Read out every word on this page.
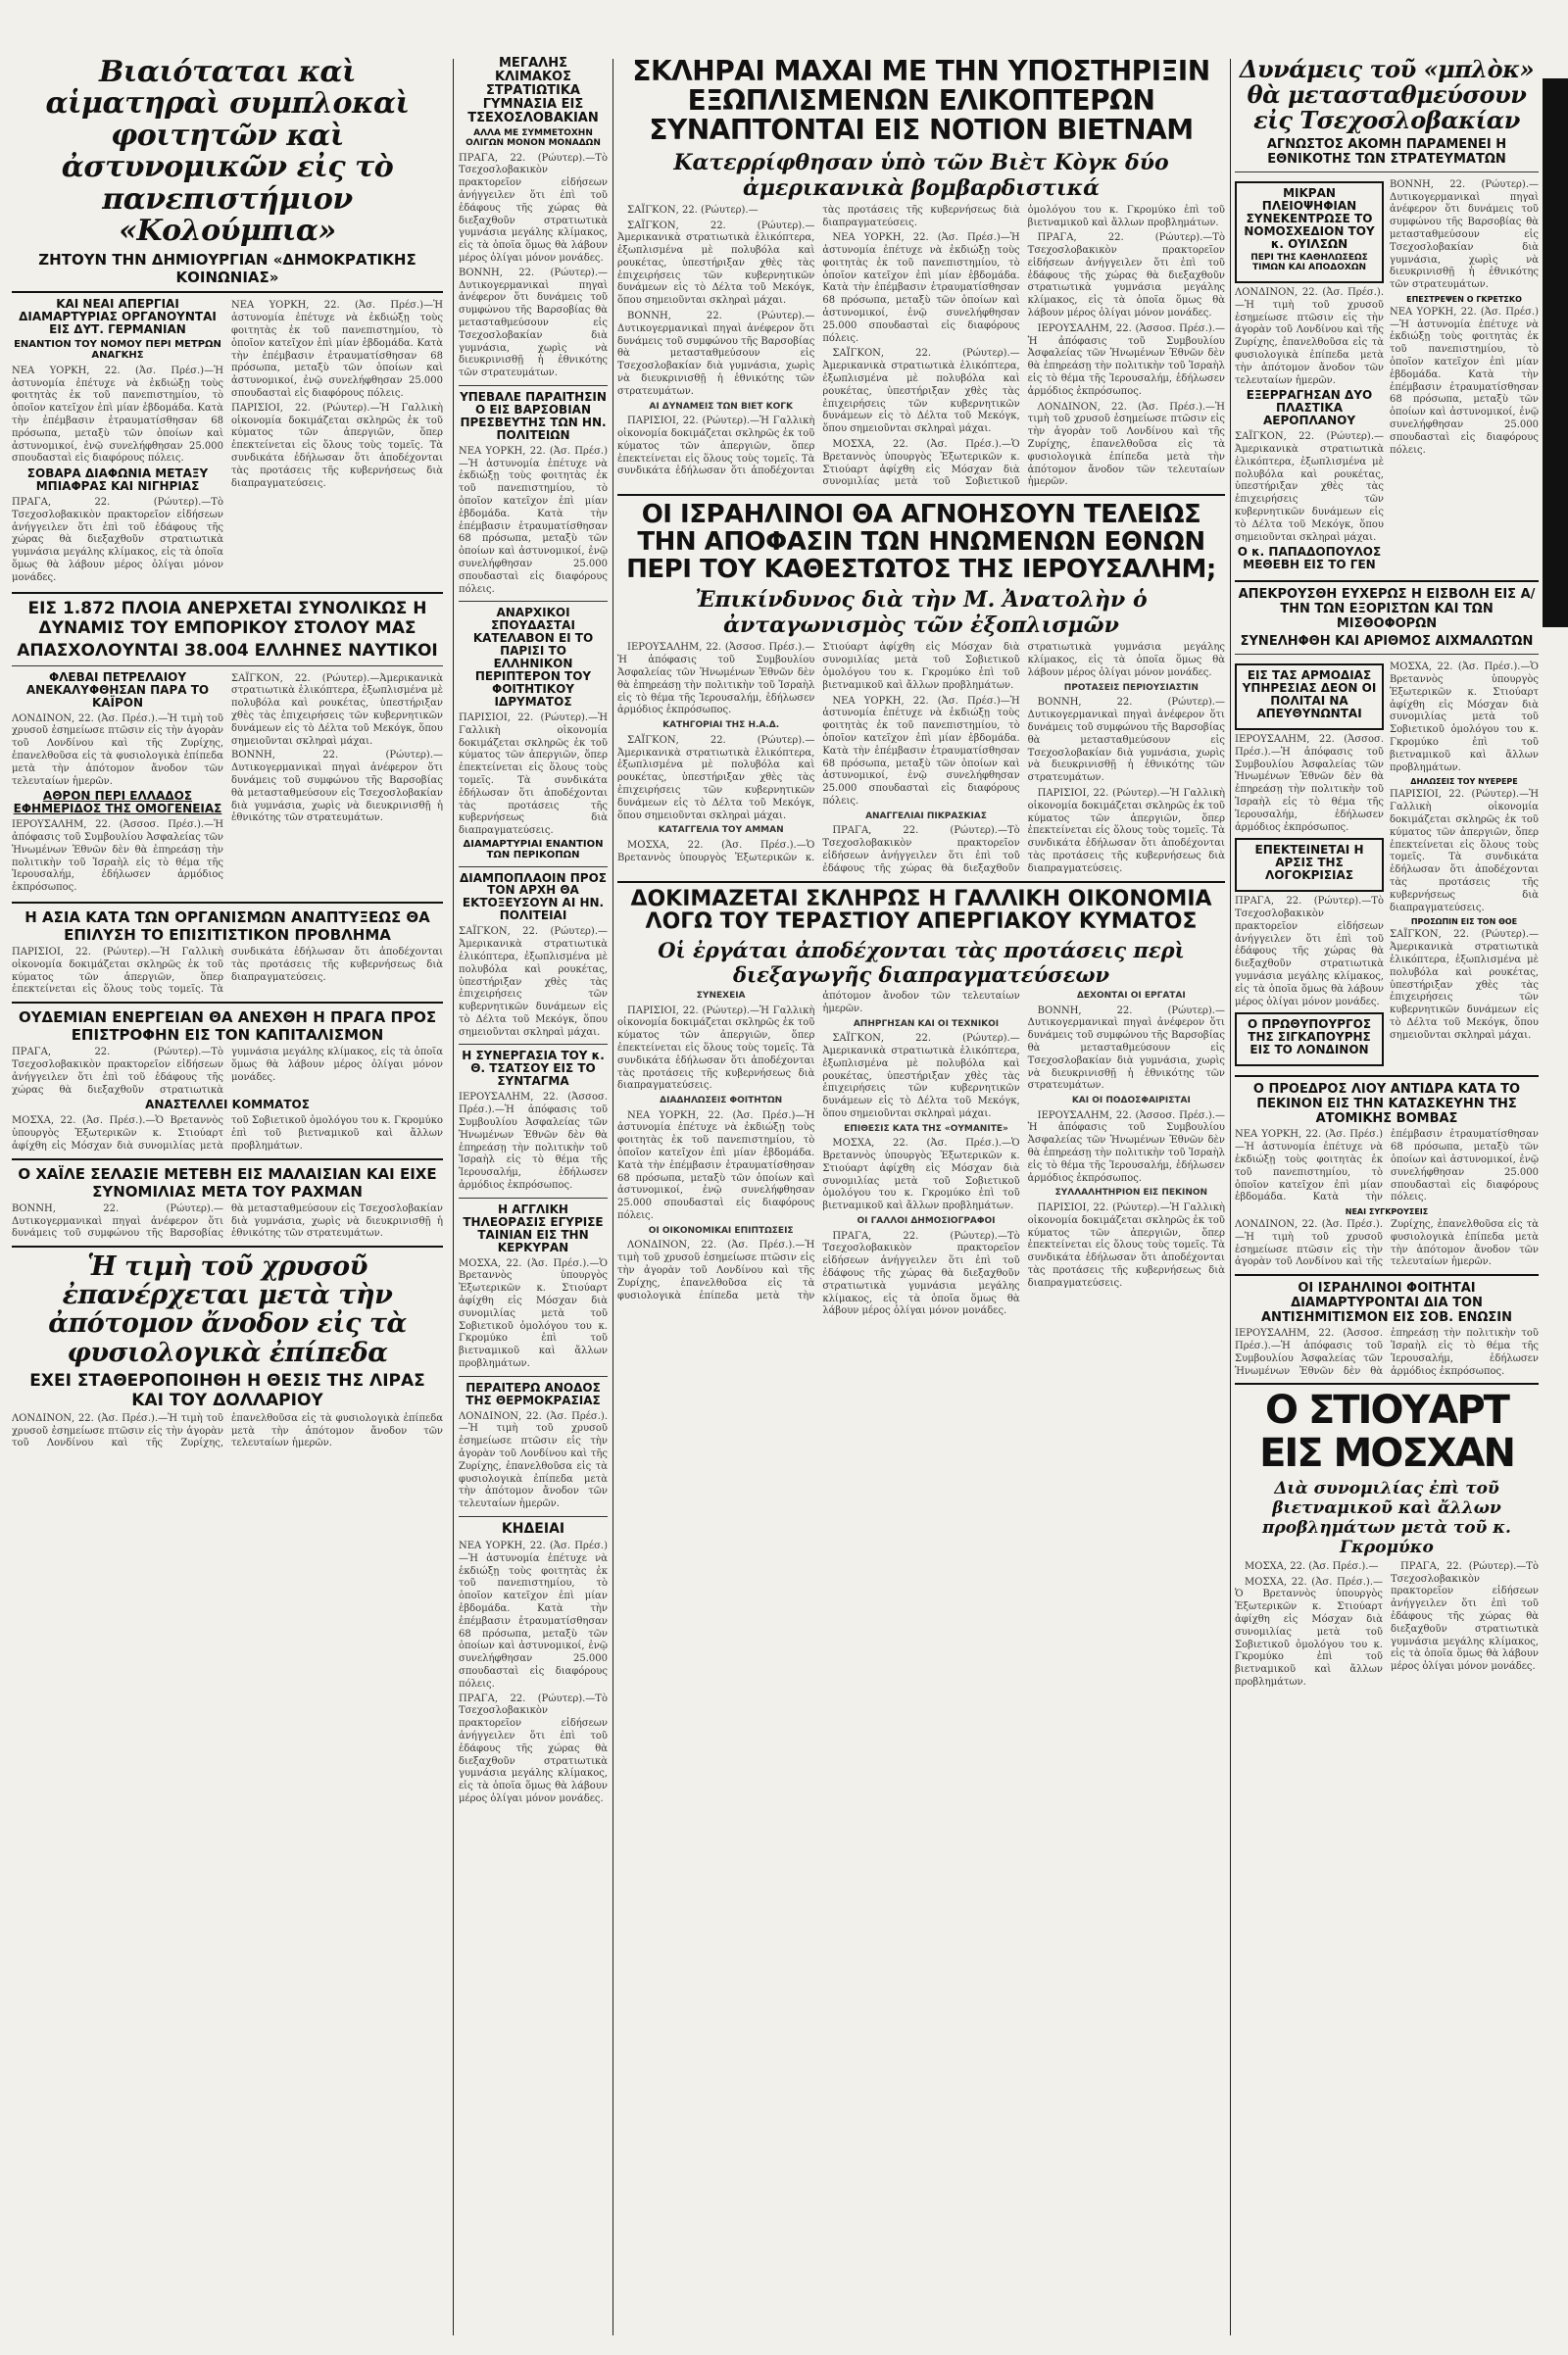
Βιαιόταται καὶ αἱματηραὶ συμπλοκαὶ φοιτητῶν καὶ ἀστυνομικῶν εἰς τὸ πανεπιστήμιον «Κολούμπια»
ΖΗΤΟΥΝ ΤΗΝ ΔΗΜΙΟΥΡΓΙΑΝ «ΔΗΜΟΚΡΑΤΙΚΗΣ ΚΟΙΝΩΝΙΑΣ»
ΚΑΙ ΝΕΑΙ ΑΠΕΡΓΙΑΙ ΔΙΑΜΑΡΤΥΡΙΑΣ ΟΡΓΑΝΟΥΝΤΑΙ ΕΙΣ ΔΥΤ. ΓΕΡΜΑΝΙΑΝ
ΕΝΑΝΤΙΟΝ ΤΟΥ ΝΟΜΟΥ ΠΕΡΙ ΜΕΤΡΩΝ ΑΝΑΓΚΗΣ
ΝΕΑ ΥΟΡΚΗ, 22. (Ἀσ. Πρέσ.)—Ἡ ἀστυνομία ἐπέτυχε νὰ ἐκδιώξῃ τοὺς φοιτητὰς ἐκ τοῦ πανεπιστημίου, τὸ ὁποῖον κατεῖχον ἐπὶ μίαν ἑβδομάδα. Κατὰ τὴν ἐπέμβασιν ἐτραυματίσθησαν 68 πρόσωπα, μεταξὺ τῶν ὁποίων καὶ ἀστυνομικοί, ἐνῷ συνελήφθησαν 25.000 σπουδασταὶ εἰς διαφόρους πόλεις.
ΣΟΒΑΡΑ ΔΙΑΦΩΝΙΑ ΜΕΤΑΞΥ ΜΠΙΑΦΡΑΣ ΚΑΙ ΝΙΓΗΡΙΑΣ
ΠΡΑΓΑ, 22. (Ρώυτερ).—Τὸ Τσεχοσλοβακικὸν πρακτορεῖον εἰδήσεων ἀνήγγειλεν ὅτι ἐπὶ τοῦ ἐδάφους τῆς χώρας θὰ διεξαχθοῦν στρατιωτικὰ γυμνάσια μεγάλης κλίμακος, εἰς τὰ ὁποῖα ὅμως θὰ λάβουν μέρος ὀλίγαι μόνον μονάδες.
ΝΕΑ ΥΟΡΚΗ, 22. (Ἀσ. Πρέσ.)—Ἡ ἀστυνομία ἐπέτυχε νὰ ἐκδιώξῃ τοὺς φοιτητὰς ἐκ τοῦ πανεπιστημίου, τὸ ὁποῖον κατεῖχον ἐπὶ μίαν ἑβδομάδα. Κατὰ τὴν ἐπέμβασιν ἐτραυματίσθησαν 68 πρόσωπα, μεταξὺ τῶν ὁποίων καὶ ἀστυνομικοί, ἐνῷ συνελήφθησαν 25.000 σπουδασταὶ εἰς διαφόρους πόλεις.
ΠΑΡΙΣΙΟΙ, 22. (Ρώυτερ).—Ἡ Γαλλικὴ οἰκονομία δοκιμάζεται σκληρῶς ἐκ τοῦ κύματος τῶν ἀπεργιῶν, ὅπερ ἐπεκτείνεται εἰς ὅλους τοὺς τομεῖς. Τὰ συνδικάτα ἐδήλωσαν ὅτι ἀποδέχονται τὰς προτάσεις τῆς κυβερνήσεως διὰ διαπραγματεύσεις.
ΕΙΣ 1.872 ΠΛΟΙΑ ΑΝΕΡΧΕΤΑΙ ΣΥΝΟΛΙΚΩΣ Η ΔΥΝΑΜΙΣ ΤΟΥ ΕΜΠΟΡΙΚΟΥ ΣΤΟΛΟΥ ΜΑΣ
ΑΠΑΣΧΟΛΟΥΝΤΑΙ 38.004 ΕΛΛΗΝΕΣ ΝΑΥΤΙΚΟΙ
ΦΛΕΒΑΙ ΠΕΤΡΕΛΑΙΟΥ ΑΝΕΚΑΛΥΦΘΗΣΑΝ ΠΑΡΑ ΤΟ ΚΑΪΡΟΝ
ΛΟΝΔΙΝΟΝ, 22. (Ἀσ. Πρέσ.).—Ἡ τιμὴ τοῦ χρυσοῦ ἐσημείωσε πτῶσιν εἰς τὴν ἀγορὰν τοῦ Λονδίνου καὶ τῆς Ζυρίχης, ἐπανελθοῦσα εἰς τὰ φυσιολογικὰ ἐπίπεδα μετὰ τὴν ἀπότομον ἄνοδον τῶν τελευταίων ἡμερῶν.
ΑΘΡΟΝ ΠΕΡΙ ΕΛΛΑΔΟΣ ΕΦΗΜΕΡΙΔΟΣ ΤΗΣ ΟΜΟΓΕΝΕΙΑΣ
ΙΕΡΟΥΣΑΛΗΜ, 22. (Ἀσσοσ. Πρέσ.).—Ἡ ἀπόφασις τοῦ Συμβουλίου Ἀσφαλείας τῶν Ἡνωμένων Ἐθνῶν δὲν θὰ ἐπηρεάσῃ τὴν πολιτικὴν τοῦ Ἰσραὴλ εἰς τὸ θέμα τῆς Ἰερουσαλήμ, ἐδήλωσεν ἀρμόδιος ἐκπρόσωπος.
ΣΑΪΓΚΟΝ, 22. (Ρώυτερ).—Ἀμερικανικὰ στρατιωτικὰ ἑλικόπτερα, ἐξωπλισμένα μὲ πολυβόλα καὶ ρουκέτας, ὑπεστήριξαν χθὲς τὰς ἐπιχειρήσεις τῶν κυβερνητικῶν δυνάμεων εἰς τὸ Δέλτα τοῦ Μεκόγκ, ὅπου σημειοῦνται σκληραὶ μάχαι.
ΒΟΝΝΗ, 22. (Ρώυτερ).—Δυτικογερμανικαὶ πηγαὶ ἀνέφερον ὅτι δυνάμεις τοῦ συμφώνου τῆς Βαρσοβίας θὰ μετασταθμεύσουν εἰς Τσεχοσλοβακίαν διὰ γυμνάσια, χωρὶς νὰ διευκρινισθῇ ἡ ἐθνικότης τῶν στρατευμάτων.
Η ΑΣΙΑ ΚΑΤΑ ΤΩΝ ΟΡΓΑΝΙΣΜΩΝ ΑΝΑΠΤΥΞΕΩΣ ΘΑ ΕΠΙΛΥΣΗ ΤΟ ΕΠΙΣΙΤΙΣΤΙΚΟΝ ΠΡΟΒΛΗΜΑ
ΠΑΡΙΣΙΟΙ, 22. (Ρώυτερ).—Ἡ Γαλλικὴ οἰκονομία δοκιμάζεται σκληρῶς ἐκ τοῦ κύματος τῶν ἀπεργιῶν, ὅπερ ἐπεκτείνεται εἰς ὅλους τοὺς τομεῖς. Τὰ συνδικάτα ἐδήλωσαν ὅτι ἀποδέχονται τὰς προτάσεις τῆς κυβερνήσεως διὰ διαπραγματεύσεις.
ΟΥΔΕΜΙΑΝ ΕΝΕΡΓΕΙΑΝ ΘΑ ΑΝΕΧΘΗ Η ΠΡΑΓΑ ΠΡΟΣ ΕΠΙΣΤΡΟΦΗΝ ΕΙΣ ΤΟΝ ΚΑΠΙΤΑΛΙΣΜΟΝ
ΠΡΑΓΑ, 22. (Ρώυτερ).—Τὸ Τσεχοσλοβακικὸν πρακτορεῖον εἰδήσεων ἀνήγγειλεν ὅτι ἐπὶ τοῦ ἐδάφους τῆς χώρας θὰ διεξαχθοῦν στρατιωτικὰ γυμνάσια μεγάλης κλίμακος, εἰς τὰ ὁποῖα ὅμως θὰ λάβουν μέρος ὀλίγαι μόνον μονάδες.
ΑΝΑΣΤΕΛΛΕΙ ΚΟΜΜΑΤΟΣ
ΜΟΣΧΑ, 22. (Ἀσ. Πρέσ.).—Ὁ Βρεταννὸς ὑπουργὸς Ἐξωτερικῶν κ. Στιούαρτ ἀφίχθη εἰς Μόσχαν διὰ συνομιλίας μετὰ τοῦ Σοβιετικοῦ ὁμολόγου του κ. Γκρομύκο ἐπὶ τοῦ βιετναμικοῦ καὶ ἄλλων προβλημάτων.
Ο ΧΑΪΛΕ ΣΕΛΑΣΙΕ ΜΕΤΕΒΗ ΕΙΣ ΜΑΛΑΙΣΙΑΝ ΚΑΙ ΕΙΧΕ ΣΥΝΟΜΙΛΙΑΣ ΜΕΤΑ ΤΟΥ ΡΑΧΜΑΝ
ΒΟΝΝΗ, 22. (Ρώυτερ).—Δυτικογερμανικαὶ πηγαὶ ἀνέφερον ὅτι δυνάμεις τοῦ συμφώνου τῆς Βαρσοβίας θὰ μετασταθμεύσουν εἰς Τσεχοσλοβακίαν διὰ γυμνάσια, χωρὶς νὰ διευκρινισθῇ ἡ ἐθνικότης τῶν στρατευμάτων.
Ἡ τιμὴ τοῦ χρυσοῦ ἐπανέρχεται μετὰ τὴν ἀπότομον ἄνοδον εἰς τὰ φυσιολογικὰ ἐπίπεδα
ΕΧΕΙ ΣΤΑΘΕΡΟΠΟΙΗΘΗ Η ΘΕΣΙΣ ΤΗΣ ΛΙΡΑΣ ΚΑΙ ΤΟΥ ΔΟΛΛΑΡΙΟΥ
ΛΟΝΔΙΝΟΝ, 22. (Ἀσ. Πρέσ.).—Ἡ τιμὴ τοῦ χρυσοῦ ἐσημείωσε πτῶσιν εἰς τὴν ἀγορὰν τοῦ Λονδίνου καὶ τῆς Ζυρίχης, ἐπανελθοῦσα εἰς τὰ φυσιολογικὰ ἐπίπεδα μετὰ τὴν ἀπότομον ἄνοδον τῶν τελευταίων ἡμερῶν.
ΜΕΓΑΛΗΣ ΚΛΙΜΑΚΟΣ ΣΤΡΑΤΙΩΤΙΚΑ ΓΥΜΝΑΣΙΑ ΕΙΣ ΤΣΕΧΟΣΛΟΒΑΚΙΑΝ
ΑΛΛΑ ΜΕ ΣΥΜΜΕΤΟΧΗΝ ΟΛΙΓΩΝ ΜΟΝΟΝ ΜΟΝΑΔΩΝ
ΠΡΑΓΑ, 22. (Ρώυτερ).—Τὸ Τσεχοσλοβακικὸν πρακτορεῖον εἰδήσεων ἀνήγγειλεν ὅτι ἐπὶ τοῦ ἐδάφους τῆς χώρας θὰ διεξαχθοῦν στρατιωτικὰ γυμνάσια μεγάλης κλίμακος, εἰς τὰ ὁποῖα ὅμως θὰ λάβουν μέρος ὀλίγαι μόνον μονάδες.
ΒΟΝΝΗ, 22. (Ρώυτερ).—Δυτικογερμανικαὶ πηγαὶ ἀνέφερον ὅτι δυνάμεις τοῦ συμφώνου τῆς Βαρσοβίας θὰ μετασταθμεύσουν εἰς Τσεχοσλοβακίαν διὰ γυμνάσια, χωρὶς νὰ διευκρινισθῇ ἡ ἐθνικότης τῶν στρατευμάτων.
ΥΠΕΒΑΛΕ ΠΑΡΑΙΤΗΣΙΝ Ο ΕΙΣ ΒΑΡΣΟΒΙΑΝ ΠΡΕΣΒΕΥΤΗΣ ΤΩΝ ΗΝ. ΠΟΛΙΤΕΙΩΝ
ΝΕΑ ΥΟΡΚΗ, 22. (Ἀσ. Πρέσ.)—Ἡ ἀστυνομία ἐπέτυχε νὰ ἐκδιώξῃ τοὺς φοιτητὰς ἐκ τοῦ πανεπιστημίου, τὸ ὁποῖον κατεῖχον ἐπὶ μίαν ἑβδομάδα. Κατὰ τὴν ἐπέμβασιν ἐτραυματίσθησαν 68 πρόσωπα, μεταξὺ τῶν ὁποίων καὶ ἀστυνομικοί, ἐνῷ συνελήφθησαν 25.000 σπουδασταὶ εἰς διαφόρους πόλεις.
ΑΝΑΡΧΙΚΟΙ ΣΠΟΥΔΑΣΤΑΙ ΚΑΤΕΛΑΒΟΝ ΕΙ ΤΟ ΠΑΡΙΣΙ ΤΟ ΕΛΛΗΝΙΚΟΝ ΠΕΡΙΠΤΕΡΟΝ ΤΟΥ ΦΟΙΤΗΤΙΚΟΥ ΙΔΡΥΜΑΤΟΣ
ΠΑΡΙΣΙΟΙ, 22. (Ρώυτερ).—Ἡ Γαλλικὴ οἰκονομία δοκιμάζεται σκληρῶς ἐκ τοῦ κύματος τῶν ἀπεργιῶν, ὅπερ ἐπεκτείνεται εἰς ὅλους τοὺς τομεῖς. Τὰ συνδικάτα ἐδήλωσαν ὅτι ἀποδέχονται τὰς προτάσεις τῆς κυβερνήσεως διὰ διαπραγματεύσεις.
ΔΙΑΜΑΡΤΥΡΙΑΙ ΕΝΑΝΤΙΟΝ ΤΩΝ ΠΕΡΙΚΟΠΩΝ
ΔΙΑΜΠΟΠΛΑΟΙΝ ΠΡΟΣ ΤΟΝ ΑΡΧΗ ΘΑ ΕΚΤΟΞΕΥΣΟΥΝ ΑΙ ΗΝ. ΠΟΛΙΤΕΙΑΙ
ΣΑΪΓΚΟΝ, 22. (Ρώυτερ).—Ἀμερικανικὰ στρατιωτικὰ ἑλικόπτερα, ἐξωπλισμένα μὲ πολυβόλα καὶ ρουκέτας, ὑπεστήριξαν χθὲς τὰς ἐπιχειρήσεις τῶν κυβερνητικῶν δυνάμεων εἰς τὸ Δέλτα τοῦ Μεκόγκ, ὅπου σημειοῦνται σκληραὶ μάχαι.
Η ΣΥΝΕΡΓΑΣΙΑ ΤΟΥ κ. Θ. ΤΣΑΤΣΟΥ ΕΙΣ ΤΟ ΣΥΝΤΑΓΜΑ
ΙΕΡΟΥΣΑΛΗΜ, 22. (Ἀσσοσ. Πρέσ.).—Ἡ ἀπόφασις τοῦ Συμβουλίου Ἀσφαλείας τῶν Ἡνωμένων Ἐθνῶν δὲν θὰ ἐπηρεάσῃ τὴν πολιτικὴν τοῦ Ἰσραὴλ εἰς τὸ θέμα τῆς Ἰερουσαλήμ, ἐδήλωσεν ἀρμόδιος ἐκπρόσωπος.
Η ΑΓΓΛΙΚΗ ΤΗΛΕΟΡΑΣΙΣ ΕΓΥΡΙΣΕ ΤΑΙΝΙΑΝ ΕΙΣ ΤΗΝ ΚΕΡΚΥΡΑΝ
ΜΟΣΧΑ, 22. (Ἀσ. Πρέσ.).—Ὁ Βρεταννὸς ὑπουργὸς Ἐξωτερικῶν κ. Στιούαρτ ἀφίχθη εἰς Μόσχαν διὰ συνομιλίας μετὰ τοῦ Σοβιετικοῦ ὁμολόγου του κ. Γκρομύκο ἐπὶ τοῦ βιετναμικοῦ καὶ ἄλλων προβλημάτων.
ΠΕΡΑΙΤΕΡΩ ΑΝΟΔΟΣ ΤΗΣ ΘΕΡΜΟΚΡΑΣΙΑΣ
ΛΟΝΔΙΝΟΝ, 22. (Ἀσ. Πρέσ.).—Ἡ τιμὴ τοῦ χρυσοῦ ἐσημείωσε πτῶσιν εἰς τὴν ἀγορὰν τοῦ Λονδίνου καὶ τῆς Ζυρίχης, ἐπανελθοῦσα εἰς τὰ φυσιολογικὰ ἐπίπεδα μετὰ τὴν ἀπότομον ἄνοδον τῶν τελευταίων ἡμερῶν.
ΚΗΔΕΙΑΙ
ΝΕΑ ΥΟΡΚΗ, 22. (Ἀσ. Πρέσ.)—Ἡ ἀστυνομία ἐπέτυχε νὰ ἐκδιώξῃ τοὺς φοιτητὰς ἐκ τοῦ πανεπιστημίου, τὸ ὁποῖον κατεῖχον ἐπὶ μίαν ἑβδομάδα. Κατὰ τὴν ἐπέμβασιν ἐτραυματίσθησαν 68 πρόσωπα, μεταξὺ τῶν ὁποίων καὶ ἀστυνομικοί, ἐνῷ συνελήφθησαν 25.000 σπουδασταὶ εἰς διαφόρους πόλεις.
ΠΡΑΓΑ, 22. (Ρώυτερ).—Τὸ Τσεχοσλοβακικὸν πρακτορεῖον εἰδήσεων ἀνήγγειλεν ὅτι ἐπὶ τοῦ ἐδάφους τῆς χώρας θὰ διεξαχθοῦν στρατιωτικὰ γυμνάσια μεγάλης κλίμακος, εἰς τὰ ὁποῖα ὅμως θὰ λάβουν μέρος ὀλίγαι μόνον μονάδες.
ΣΚΛΗΡΑΙ ΜΑΧΑΙ ΜΕ ΤΗΝ ΥΠΟΣΤΗΡΙΞΙΝ ΕΞΩΠΛΙΣΜΕΝΩΝ ΕΛΙΚΟΠΤΕΡΩΝ ΣΥΝΑΠΤΟΝΤΑΙ ΕΙΣ ΝΟΤΙΟΝ ΒΙΕΤΝΑΜ
Κατερρίφθησαν ὑπὸ τῶν Βιὲτ Κὸγκ δύο ἀμερικανικὰ βομβαρδιστικά

ΣΑΪΓΚΟΝ, 22. (Ρώυτερ).—

ΣΑΪΓΚΟΝ, 22. (Ρώυτερ).—Ἀμερικανικὰ στρατιωτικὰ ἑλικόπτερα, ἐξωπλισμένα μὲ πολυβόλα καὶ ρουκέτας, ὑπεστήριξαν χθὲς τὰς ἐπιχειρήσεις τῶν κυβερνητικῶν δυνάμεων εἰς τὸ Δέλτα τοῦ Μεκόγκ, ὅπου σημειοῦνται σκληραὶ μάχαι.

ΒΟΝΝΗ, 22. (Ρώυτερ).—Δυτικογερμανικαὶ πηγαὶ ἀνέφερον ὅτι δυνάμεις τοῦ συμφώνου τῆς Βαρσοβίας θὰ μετασταθμεύσουν εἰς Τσεχοσλοβακίαν διὰ γυμνάσια, χωρὶς νὰ διευκρινισθῇ ἡ ἐθνικότης τῶν στρατευμάτων.

ΑΙ ΔΥΝΑΜΕΙΣ ΤΩΝ ΒΙΕΤ ΚΟΓΚ

ΠΑΡΙΣΙΟΙ, 22. (Ρώυτερ).—Ἡ Γαλλικὴ οἰκονομία δοκιμάζεται σκληρῶς ἐκ τοῦ κύματος τῶν ἀπεργιῶν, ὅπερ ἐπεκτείνεται εἰς ὅλους τοὺς τομεῖς. Τὰ συνδικάτα ἐδήλωσαν ὅτι ἀποδέχονται τὰς προτάσεις τῆς κυβερνήσεως διὰ διαπραγματεύσεις.

ΝΕΑ ΥΟΡΚΗ, 22. (Ἀσ. Πρέσ.)—Ἡ ἀστυνομία ἐπέτυχε νὰ ἐκδιώξῃ τοὺς φοιτητὰς ἐκ τοῦ πανεπιστημίου, τὸ ὁποῖον κατεῖχον ἐπὶ μίαν ἑβδομάδα. Κατὰ τὴν ἐπέμβασιν ἐτραυματίσθησαν 68 πρόσωπα, μεταξὺ τῶν ὁποίων καὶ ἀστυνομικοί, ἐνῷ συνελήφθησαν 25.000 σπουδασταὶ εἰς διαφόρους πόλεις.

ΣΑΪΓΚΟΝ, 22. (Ρώυτερ).—Ἀμερικανικὰ στρατιωτικὰ ἑλικόπτερα, ἐξωπλισμένα μὲ πολυβόλα καὶ ρουκέτας, ὑπεστήριξαν χθὲς τὰς ἐπιχειρήσεις τῶν κυβερνητικῶν δυνάμεων εἰς τὸ Δέλτα τοῦ Μεκόγκ, ὅπου σημειοῦνται σκληραὶ μάχαι.

ΜΟΣΧΑ, 22. (Ἀσ. Πρέσ.).—Ὁ Βρεταννὸς ὑπουργὸς Ἐξωτερικῶν κ. Στιούαρτ ἀφίχθη εἰς Μόσχαν διὰ συνομιλίας μετὰ τοῦ Σοβιετικοῦ ὁμολόγου του κ. Γκρομύκο ἐπὶ τοῦ βιετναμικοῦ καὶ ἄλλων προβλημάτων.

ΠΡΑΓΑ, 22. (Ρώυτερ).—Τὸ Τσεχοσλοβακικὸν πρακτορεῖον εἰδήσεων ἀνήγγειλεν ὅτι ἐπὶ τοῦ ἐδάφους τῆς χώρας θὰ διεξαχθοῦν στρατιωτικὰ γυμνάσια μεγάλης κλίμακος, εἰς τὰ ὁποῖα ὅμως θὰ λάβουν μέρος ὀλίγαι μόνον μονάδες.

ΙΕΡΟΥΣΑΛΗΜ, 22. (Ἀσσοσ. Πρέσ.).—Ἡ ἀπόφασις τοῦ Συμβουλίου Ἀσφαλείας τῶν Ἡνωμένων Ἐθνῶν δὲν θὰ ἐπηρεάσῃ τὴν πολιτικὴν τοῦ Ἰσραὴλ εἰς τὸ θέμα τῆς Ἰερουσαλήμ, ἐδήλωσεν ἀρμόδιος ἐκπρόσωπος.

ΛΟΝΔΙΝΟΝ, 22. (Ἀσ. Πρέσ.).—Ἡ τιμὴ τοῦ χρυσοῦ ἐσημείωσε πτῶσιν εἰς τὴν ἀγορὰν τοῦ Λονδίνου καὶ τῆς Ζυρίχης, ἐπανελθοῦσα εἰς τὰ φυσιολογικὰ ἐπίπεδα μετὰ τὴν ἀπότομον ἄνοδον τῶν τελευταίων ἡμερῶν.

ΟΙ ΙΣΡΑΗΛΙΝΟΙ ΘΑ ΑΓΝΟΗΣΟΥΝ ΤΕΛΕΙΩΣ ΤΗΝ ΑΠΟΦΑΣΙΝ ΤΩΝ ΗΝΩΜΕΝΩΝ ΕΘΝΩΝ ΠΕΡΙ ΤΟΥ ΚΑΘΕΣΤΩΤΟΣ ΤΗΣ ΙΕΡΟΥΣΑΛΗΜ;
Ἐπικίνδυνος διὰ τὴν Μ. Ἀνατολὴν ὁ ἀνταγωνισμὸς τῶν ἐξοπλισμῶν

ΙΕΡΟΥΣΑΛΗΜ, 22. (Ἀσσοσ. Πρέσ.).—Ἡ ἀπόφασις τοῦ Συμβουλίου Ἀσφαλείας τῶν Ἡνωμένων Ἐθνῶν δὲν θὰ ἐπηρεάσῃ τὴν πολιτικὴν τοῦ Ἰσραὴλ εἰς τὸ θέμα τῆς Ἰερουσαλήμ, ἐδήλωσεν ἀρμόδιος ἐκπρόσωπος.

ΚΑΤΗΓΟΡΙΑΙ ΤΗΣ Η.Α.Δ.

ΣΑΪΓΚΟΝ, 22. (Ρώυτερ).—Ἀμερικανικὰ στρατιωτικὰ ἑλικόπτερα, ἐξωπλισμένα μὲ πολυβόλα καὶ ρουκέτας, ὑπεστήριξαν χθὲς τὰς ἐπιχειρήσεις τῶν κυβερνητικῶν δυνάμεων εἰς τὸ Δέλτα τοῦ Μεκόγκ, ὅπου σημειοῦνται σκληραὶ μάχαι.

ΚΑΤΑΓΓΕΛΙΑ ΤΟΥ ΑΜΜΑΝ

ΜΟΣΧΑ, 22. (Ἀσ. Πρέσ.).—Ὁ Βρεταννὸς ὑπουργὸς Ἐξωτερικῶν κ. Στιούαρτ ἀφίχθη εἰς Μόσχαν διὰ συνομιλίας μετὰ τοῦ Σοβιετικοῦ ὁμολόγου του κ. Γκρομύκο ἐπὶ τοῦ βιετναμικοῦ καὶ ἄλλων προβλημάτων.

ΝΕΑ ΥΟΡΚΗ, 22. (Ἀσ. Πρέσ.)—Ἡ ἀστυνομία ἐπέτυχε νὰ ἐκδιώξῃ τοὺς φοιτητὰς ἐκ τοῦ πανεπιστημίου, τὸ ὁποῖον κατεῖχον ἐπὶ μίαν ἑβδομάδα. Κατὰ τὴν ἐπέμβασιν ἐτραυματίσθησαν 68 πρόσωπα, μεταξὺ τῶν ὁποίων καὶ ἀστυνομικοί, ἐνῷ συνελήφθησαν 25.000 σπουδασταὶ εἰς διαφόρους πόλεις.

ΑΝΑΓΓΕΛΙΑΙ ΠΙΚΡΑΣΚΙΑΣ

ΠΡΑΓΑ, 22. (Ρώυτερ).—Τὸ Τσεχοσλοβακικὸν πρακτορεῖον εἰδήσεων ἀνήγγειλεν ὅτι ἐπὶ τοῦ ἐδάφους τῆς χώρας θὰ διεξαχθοῦν στρατιωτικὰ γυμνάσια μεγάλης κλίμακος, εἰς τὰ ὁποῖα ὅμως θὰ λάβουν μέρος ὀλίγαι μόνον μονάδες.

ΠΡΟΤΑΣΕΙΣ ΠΕΡΙΟΥΣΙΑΣΤΙΝ

ΒΟΝΝΗ, 22. (Ρώυτερ).—Δυτικογερμανικαὶ πηγαὶ ἀνέφερον ὅτι δυνάμεις τοῦ συμφώνου τῆς Βαρσοβίας θὰ μετασταθμεύσουν εἰς Τσεχοσλοβακίαν διὰ γυμνάσια, χωρὶς νὰ διευκρινισθῇ ἡ ἐθνικότης τῶν στρατευμάτων.

ΠΑΡΙΣΙΟΙ, 22. (Ρώυτερ).—Ἡ Γαλλικὴ οἰκονομία δοκιμάζεται σκληρῶς ἐκ τοῦ κύματος τῶν ἀπεργιῶν, ὅπερ ἐπεκτείνεται εἰς ὅλους τοὺς τομεῖς. Τὰ συνδικάτα ἐδήλωσαν ὅτι ἀποδέχονται τὰς προτάσεις τῆς κυβερνήσεως διὰ διαπραγματεύσεις.

ΔΟΚΙΜΑΖΕΤΑΙ ΣΚΛΗΡΩΣ Η ΓΑΛΛΙΚΗ ΟΙΚΟΝΟΜΙΑ ΛΟΓΩ ΤΟΥ ΤΕΡΑΣΤΙΟΥ ΑΠΕΡΓΙΑΚΟΥ ΚΥΜΑΤΟΣ
Οἱ ἐργάται ἀποδέχονται τὰς προτάσεις περὶ διεξαγωγῆς διαπραγματεύσεων

ΣΥΝΕΧΕΙΑ

ΠΑΡΙΣΙΟΙ, 22. (Ρώυτερ).—Ἡ Γαλλικὴ οἰκονομία δοκιμάζεται σκληρῶς ἐκ τοῦ κύματος τῶν ἀπεργιῶν, ὅπερ ἐπεκτείνεται εἰς ὅλους τοὺς τομεῖς. Τὰ συνδικάτα ἐδήλωσαν ὅτι ἀποδέχονται τὰς προτάσεις τῆς κυβερνήσεως διὰ διαπραγματεύσεις.

ΔΙΑΔΗΛΩΣΕΙΣ ΦΟΙΤΗΤΩΝ

ΝΕΑ ΥΟΡΚΗ, 22. (Ἀσ. Πρέσ.)—Ἡ ἀστυνομία ἐπέτυχε νὰ ἐκδιώξῃ τοὺς φοιτητὰς ἐκ τοῦ πανεπιστημίου, τὸ ὁποῖον κατεῖχον ἐπὶ μίαν ἑβδομάδα. Κατὰ τὴν ἐπέμβασιν ἐτραυματίσθησαν 68 πρόσωπα, μεταξὺ τῶν ὁποίων καὶ ἀστυνομικοί, ἐνῷ συνελήφθησαν 25.000 σπουδασταὶ εἰς διαφόρους πόλεις.

ΟΙ ΟΙΚΟΝΟΜΙΚΑΙ ΕΠΙΠΤΩΣΕΙΣ

ΛΟΝΔΙΝΟΝ, 22. (Ἀσ. Πρέσ.).—Ἡ τιμὴ τοῦ χρυσοῦ ἐσημείωσε πτῶσιν εἰς τὴν ἀγορὰν τοῦ Λονδίνου καὶ τῆς Ζυρίχης, ἐπανελθοῦσα εἰς τὰ φυσιολογικὰ ἐπίπεδα μετὰ τὴν ἀπότομον ἄνοδον τῶν τελευταίων ἡμερῶν.

ΑΠΗΡΓΗΣΑΝ ΚΑΙ ΟΙ ΤΕΧΝΙΚΟΙ

ΣΑΪΓΚΟΝ, 22. (Ρώυτερ).—Ἀμερικανικὰ στρατιωτικὰ ἑλικόπτερα, ἐξωπλισμένα μὲ πολυβόλα καὶ ρουκέτας, ὑπεστήριξαν χθὲς τὰς ἐπιχειρήσεις τῶν κυβερνητικῶν δυνάμεων εἰς τὸ Δέλτα τοῦ Μεκόγκ, ὅπου σημειοῦνται σκληραὶ μάχαι.

ΕΠΙΘΕΣΙΣ ΚΑΤΑ ΤΗΣ «ΟΥΜΑΝΙΤΕ»

ΜΟΣΧΑ, 22. (Ἀσ. Πρέσ.).—Ὁ Βρεταννὸς ὑπουργὸς Ἐξωτερικῶν κ. Στιούαρτ ἀφίχθη εἰς Μόσχαν διὰ συνομιλίας μετὰ τοῦ Σοβιετικοῦ ὁμολόγου του κ. Γκρομύκο ἐπὶ τοῦ βιετναμικοῦ καὶ ἄλλων προβλημάτων.

ΟΙ ΓΑΛΛΟΙ ΔΗΜΟΣΙΟΓΡΑΦΟΙ

ΠΡΑΓΑ, 22. (Ρώυτερ).—Τὸ Τσεχοσλοβακικὸν πρακτορεῖον εἰδήσεων ἀνήγγειλεν ὅτι ἐπὶ τοῦ ἐδάφους τῆς χώρας θὰ διεξαχθοῦν στρατιωτικὰ γυμνάσια μεγάλης κλίμακος, εἰς τὰ ὁποῖα ὅμως θὰ λάβουν μέρος ὀλίγαι μόνον μονάδες.

ΔΕΧΟΝΤΑΙ ΟΙ ΕΡΓΑΤΑΙ

ΒΟΝΝΗ, 22. (Ρώυτερ).—Δυτικογερμανικαὶ πηγαὶ ἀνέφερον ὅτι δυνάμεις τοῦ συμφώνου τῆς Βαρσοβίας θὰ μετασταθμεύσουν εἰς Τσεχοσλοβακίαν διὰ γυμνάσια, χωρὶς νὰ διευκρινισθῇ ἡ ἐθνικότης τῶν στρατευμάτων.

ΚΑΙ ΟΙ ΠΟΔΟΣΦΑΙΡΙΣΤΑΙ

ΙΕΡΟΥΣΑΛΗΜ, 22. (Ἀσσοσ. Πρέσ.).—Ἡ ἀπόφασις τοῦ Συμβουλίου Ἀσφαλείας τῶν Ἡνωμένων Ἐθνῶν δὲν θὰ ἐπηρεάσῃ τὴν πολιτικὴν τοῦ Ἰσραὴλ εἰς τὸ θέμα τῆς Ἰερουσαλήμ, ἐδήλωσεν ἀρμόδιος ἐκπρόσωπος.

ΣΥΛΛΑΛΗΤΗΡΙΟΝ ΕΙΣ ΠΕΚΙΝΟΝ

ΠΑΡΙΣΙΟΙ, 22. (Ρώυτερ).—Ἡ Γαλλικὴ οἰκονομία δοκιμάζεται σκληρῶς ἐκ τοῦ κύματος τῶν ἀπεργιῶν, ὅπερ ἐπεκτείνεται εἰς ὅλους τοὺς τομεῖς. Τὰ συνδικάτα ἐδήλωσαν ὅτι ἀποδέχονται τὰς προτάσεις τῆς κυβερνήσεως διὰ διαπραγματεύσεις.

Δυνάμεις τοῦ «μπλὸκ» θὰ μετασταθμεύσουν εἰς Τσεχοσλοβακίαν
ΑΓΝΩΣΤΟΣ ΑΚΟΜΗ ΠΑΡΑΜΕΝΕΙ Η ΕΘΝΙΚΟΤΗΣ ΤΩΝ ΣΤΡΑΤΕΥΜΑΤΩΝ
ΜΙΚΡΑΝ ΠΛΕΙΟΨΗΦΙΑΝ ΣΥΝΕΚΕΝΤΡΩΣΕ ΤΟ ΝΟΜΟΣΧΕΔΙΟΝ ΤΟΥ κ. ΟΥΙΛΣΩΝ
ΠΕΡΙ ΤΗΣ ΚΑΘΗΛΩΣΕΩΣ ΤΙΜΩΝ ΚΑΙ ΑΠΟΔΟΧΩΝ
ΛΟΝΔΙΝΟΝ, 22. (Ἀσ. Πρέσ.).—Ἡ τιμὴ τοῦ χρυσοῦ ἐσημείωσε πτῶσιν εἰς τὴν ἀγορὰν τοῦ Λονδίνου καὶ τῆς Ζυρίχης, ἐπανελθοῦσα εἰς τὰ φυσιολογικὰ ἐπίπεδα μετὰ τὴν ἀπότομον ἄνοδον τῶν τελευταίων ἡμερῶν.
ΕΞΕΡΡΑΓΗΣΑΝ ΔΥΟ ΠΛΑΣΤΙΚΑ ΑΕΡΟΠΛΑΝΟΥ
ΣΑΪΓΚΟΝ, 22. (Ρώυτερ).—Ἀμερικανικὰ στρατιωτικὰ ἑλικόπτερα, ἐξωπλισμένα μὲ πολυβόλα καὶ ρουκέτας, ὑπεστήριξαν χθὲς τὰς ἐπιχειρήσεις τῶν κυβερνητικῶν δυνάμεων εἰς τὸ Δέλτα τοῦ Μεκόγκ, ὅπου σημειοῦνται σκληραὶ μάχαι.
Ο κ. ΠΑΠΑΔΟΠΟΥΛΟΣ ΜΕΘΕΒΗ ΕΙΣ ΤΟ ΓΕΝ
ΒΟΝΝΗ, 22. (Ρώυτερ).—Δυτικογερμανικαὶ πηγαὶ ἀνέφερον ὅτι δυνάμεις τοῦ συμφώνου τῆς Βαρσοβίας θὰ μετασταθμεύσουν εἰς Τσεχοσλοβακίαν διὰ γυμνάσια, χωρὶς νὰ διευκρινισθῇ ἡ ἐθνικότης τῶν στρατευμάτων.
ΕΠΕΣΤΡΕΨΕΝ Ο ΓΚΡΕΤΣΚΟ
ΝΕΑ ΥΟΡΚΗ, 22. (Ἀσ. Πρέσ.)—Ἡ ἀστυνομία ἐπέτυχε νὰ ἐκδιώξῃ τοὺς φοιτητὰς ἐκ τοῦ πανεπιστημίου, τὸ ὁποῖον κατεῖχον ἐπὶ μίαν ἑβδομάδα. Κατὰ τὴν ἐπέμβασιν ἐτραυματίσθησαν 68 πρόσωπα, μεταξὺ τῶν ὁποίων καὶ ἀστυνομικοί, ἐνῷ συνελήφθησαν 25.000 σπουδασταὶ εἰς διαφόρους πόλεις.
ΑΠΕΚΡΟΥΣΘΗ ΕΥΧΕΡΩΣ Η ΕΙΣΒΟΛΗ ΕΙΣ Α/ΤΗΝ ΤΩΝ ΕΞΟΡΙΣΤΩΝ ΚΑΙ ΤΩΝ ΜΙΣΘΟΦΟΡΩΝ
ΣΥΝΕΛΗΦΘΗ ΚΑΙ ΑΡΙΘΜΟΣ ΑΙΧΜΑΛΩΤΩΝ
ΕΙΣ ΤΑΣ ΑΡΜΟΔΙΑΣ ΥΠΗΡΕΣΙΑΣ ΔΕΟΝ ΟΙ ΠΟΛΙΤΑΙ ΝΑ ΑΠΕΥΘΥΝΩΝΤΑΙ
ΙΕΡΟΥΣΑΛΗΜ, 22. (Ἀσσοσ. Πρέσ.).—Ἡ ἀπόφασις τοῦ Συμβουλίου Ἀσφαλείας τῶν Ἡνωμένων Ἐθνῶν δὲν θὰ ἐπηρεάσῃ τὴν πολιτικὴν τοῦ Ἰσραὴλ εἰς τὸ θέμα τῆς Ἰερουσαλήμ, ἐδήλωσεν ἀρμόδιος ἐκπρόσωπος.
ΕΠΕΚΤΕΙΝΕΤΑΙ Η ΑΡΣΙΣ ΤΗΣ ΛΟΓΟΚΡΙΣΙΑΣ
ΠΡΑΓΑ, 22. (Ρώυτερ).—Τὸ Τσεχοσλοβακικὸν πρακτορεῖον εἰδήσεων ἀνήγγειλεν ὅτι ἐπὶ τοῦ ἐδάφους τῆς χώρας θὰ διεξαχθοῦν στρατιωτικὰ γυμνάσια μεγάλης κλίμακος, εἰς τὰ ὁποῖα ὅμως θὰ λάβουν μέρος ὀλίγαι μόνον μονάδες.
Ο ΠΡΩΘΥΠΟΥΡΓΟΣ ΤΗΣ ΣΙΓΚΑΠΟΥΡΗΣ ΕΙΣ ΤΟ ΛΟΝΔΙΝΟΝ
ΜΟΣΧΑ, 22. (Ἀσ. Πρέσ.).—Ὁ Βρεταννὸς ὑπουργὸς Ἐξωτερικῶν κ. Στιούαρτ ἀφίχθη εἰς Μόσχαν διὰ συνομιλίας μετὰ τοῦ Σοβιετικοῦ ὁμολόγου του κ. Γκρομύκο ἐπὶ τοῦ βιετναμικοῦ καὶ ἄλλων προβλημάτων.
ΔΗΛΩΣΕΙΣ ΤΟΥ ΝΥΕΡΕΡΕ
ΠΑΡΙΣΙΟΙ, 22. (Ρώυτερ).—Ἡ Γαλλικὴ οἰκονομία δοκιμάζεται σκληρῶς ἐκ τοῦ κύματος τῶν ἀπεργιῶν, ὅπερ ἐπεκτείνεται εἰς ὅλους τοὺς τομεῖς. Τὰ συνδικάτα ἐδήλωσαν ὅτι ἀποδέχονται τὰς προτάσεις τῆς κυβερνήσεως διὰ διαπραγματεύσεις.
ΠΡΟΣΩΠΙΝ ΕΙΣ ΤΟΝ ΘΟΕ
ΣΑΪΓΚΟΝ, 22. (Ρώυτερ).—Ἀμερικανικὰ στρατιωτικὰ ἑλικόπτερα, ἐξωπλισμένα μὲ πολυβόλα καὶ ρουκέτας, ὑπεστήριξαν χθὲς τὰς ἐπιχειρήσεις τῶν κυβερνητικῶν δυνάμεων εἰς τὸ Δέλτα τοῦ Μεκόγκ, ὅπου σημειοῦνται σκληραὶ μάχαι.
Ο ΠΡΟΕΔΡΟΣ ΛΙΟΥ ΑΝΤΙΔΡΑ ΚΑΤΑ ΤΟ ΠΕΚΙΝΟΝ ΕΙΣ ΤΗΝ ΚΑΤΑΣΚΕΥΗΝ ΤΗΣ ΑΤΟΜΙΚΗΣ ΒΟΜΒΑΣ
ΝΕΑ ΥΟΡΚΗ, 22. (Ἀσ. Πρέσ.)—Ἡ ἀστυνομία ἐπέτυχε νὰ ἐκδιώξῃ τοὺς φοιτητὰς ἐκ τοῦ πανεπιστημίου, τὸ ὁποῖον κατεῖχον ἐπὶ μίαν ἑβδομάδα. Κατὰ τὴν ἐπέμβασιν ἐτραυματίσθησαν 68 πρόσωπα, μεταξὺ τῶν ὁποίων καὶ ἀστυνομικοί, ἐνῷ συνελήφθησαν 25.000 σπουδασταὶ εἰς διαφόρους πόλεις.
ΝΕΑΙ ΣΥΓΚΡΟΥΣΕΙΣ
ΛΟΝΔΙΝΟΝ, 22. (Ἀσ. Πρέσ.).—Ἡ τιμὴ τοῦ χρυσοῦ ἐσημείωσε πτῶσιν εἰς τὴν ἀγορὰν τοῦ Λονδίνου καὶ τῆς Ζυρίχης, ἐπανελθοῦσα εἰς τὰ φυσιολογικὰ ἐπίπεδα μετὰ τὴν ἀπότομον ἄνοδον τῶν τελευταίων ἡμερῶν.
ΟΙ ΙΣΡΑΗΛΙΝΟΙ ΦΟΙΤΗΤΑΙ ΔΙΑΜΑΡΤΥΡΟΝΤΑΙ ΔΙΑ ΤΟΝ ΑΝΤΙΣΗΜΙΤΙΣΜΟΝ ΕΙΣ ΣΟΒ. ΕΝΩΣΙΝ
ΙΕΡΟΥΣΑΛΗΜ, 22. (Ἀσσοσ. Πρέσ.).—Ἡ ἀπόφασις τοῦ Συμβουλίου Ἀσφαλείας τῶν Ἡνωμένων Ἐθνῶν δὲν θὰ ἐπηρεάσῃ τὴν πολιτικὴν τοῦ Ἰσραὴλ εἰς τὸ θέμα τῆς Ἰερουσαλήμ, ἐδήλωσεν ἀρμόδιος ἐκπρόσωπος.
Ο ΣΤΙΟΥΑΡΤ ΕΙΣ ΜΟΣΧΑΝ
Διὰ συνομιλίας ἐπὶ τοῦ βιετναμικοῦ καὶ ἄλλων προβλημάτων μετὰ τοῦ κ. Γκρομύκο

ΜΟΣΧΑ, 22. (Ἀσ. Πρέσ.).—

ΜΟΣΧΑ, 22. (Ἀσ. Πρέσ.).—Ὁ Βρεταννὸς ὑπουργὸς Ἐξωτερικῶν κ. Στιούαρτ ἀφίχθη εἰς Μόσχαν διὰ συνομιλίας μετὰ τοῦ Σοβιετικοῦ ὁμολόγου του κ. Γκρομύκο ἐπὶ τοῦ βιετναμικοῦ καὶ ἄλλων προβλημάτων.

ΠΡΑΓΑ, 22. (Ρώυτερ).—Τὸ Τσεχοσλοβακικὸν πρακτορεῖον εἰδήσεων ἀνήγγειλεν ὅτι ἐπὶ τοῦ ἐδάφους τῆς χώρας θὰ διεξαχθοῦν στρατιωτικὰ γυμνάσια μεγάλης κλίμακος, εἰς τὰ ὁποῖα ὅμως θὰ λάβουν μέρος ὀλίγαι μόνον μονάδες.
